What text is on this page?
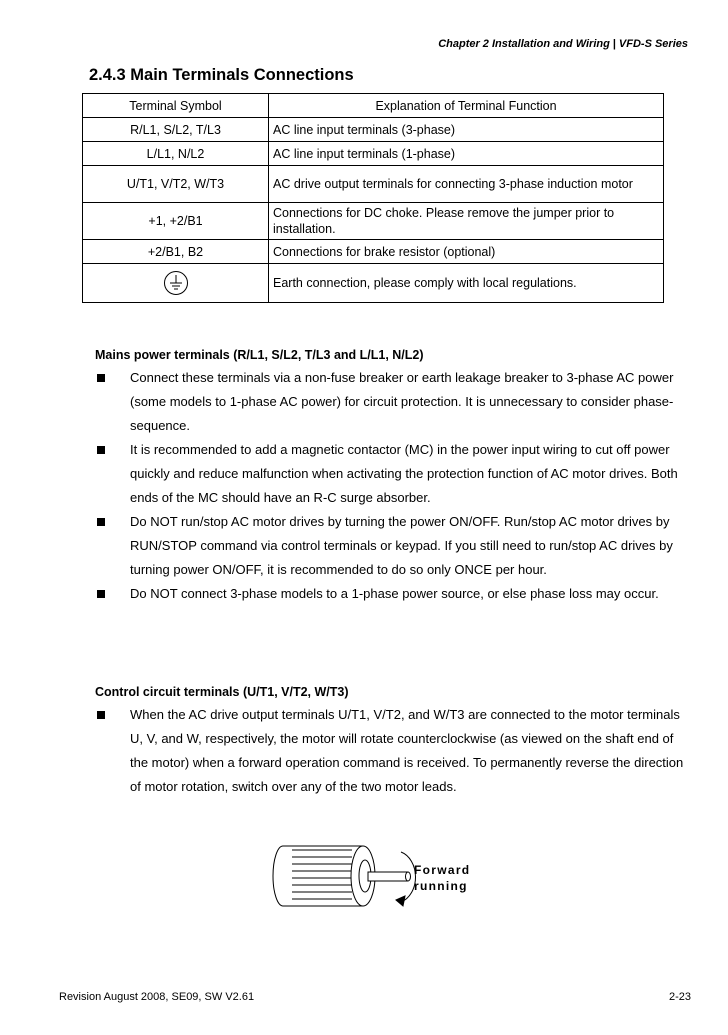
Chapter 2 Installation and Wiring | VFD-S Series
2.4.3 Main Terminals Connections
Terminal Symbol	Explanation of Terminal Function
R/L1, S/L2, T/L3	AC line input terminals (3-phase)
L/L1, N/L2	AC line input terminals (1-phase)
U/T1, V/T2, W/T3	AC drive output terminals for connecting 3-phase induction motor
+1, +2/B1	Connections for DC choke. Please remove the jumper prior to installation.
+2/B1, B2	Connections for brake resistor (optional)
	Earth connection, please comply with local regulations.
Mains power terminals (R/L1, S/L2, T/L3 and L/L1, N/L2)
Connect these terminals via a non-fuse breaker or earth leakage breaker to 3-phase AC power (some models to 1-phase AC power) for circuit protection. It is unnecessary to consider phase-sequence.
It is recommended to add a magnetic contactor (MC) in the power input wiring to cut off power quickly and reduce malfunction when activating the protection function of AC motor drives. Both ends of the MC should have an R-C surge absorber.
Do NOT run/stop AC motor drives by turning the power ON/OFF. Run/stop AC motor drives by RUN/STOP command via control terminals or keypad. If you still need to run/stop AC drives by turning power ON/OFF, it is recommended to do so only ONCE per hour.
Do NOT connect 3-phase models to a 1-phase power source, or else phase loss may occur.
Control circuit terminals (U/T1, V/T2, W/T3)
When the AC drive output terminals U/T1, V/T2, and W/T3 are connected to the motor terminals U, V, and W, respectively, the motor will rotate counterclockwise (as viewed on the shaft end of the motor) when a forward operation command is received. To permanently reverse the direction of motor rotation, switch over any of the two motor leads.
Forward
running
Revision August 2008, SE09, SW V2.61	2-23
